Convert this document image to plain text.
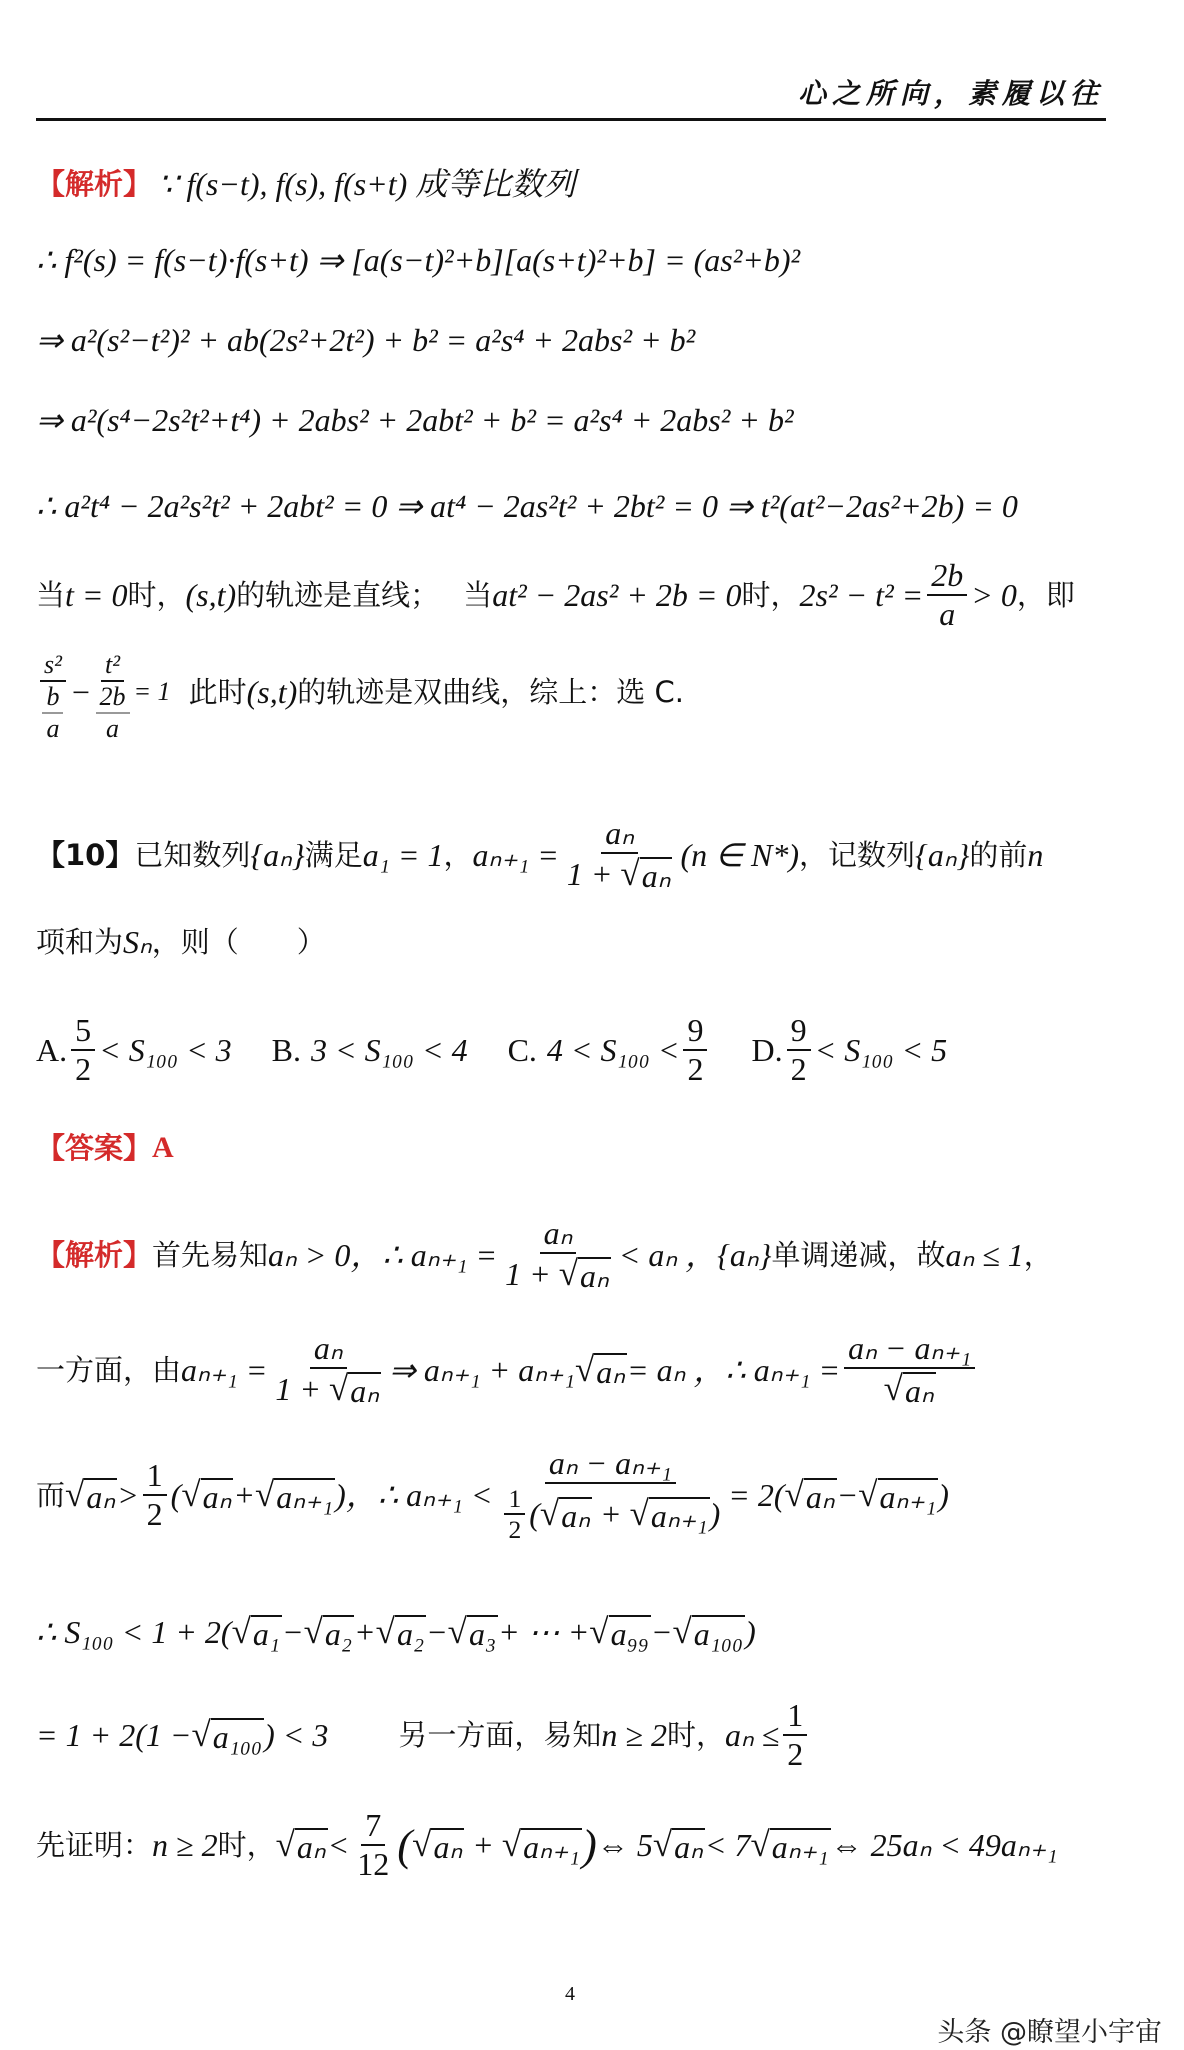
心之所向，素履以往
【解析】 ∵ f(s−t), f(s), f(s+t) 成等比数列
∴ f²(s) = f(s−t)·f(s+t) ⇒ [a(s−t)²+b][a(s+t)²+b] = (as²+b)²
⇒ a²(s²−t²)² + ab(2s²+2t²) + b² = a²s⁴ + 2abs² + b²
⇒ a²(s⁴−2s²t²+t⁴) + 2abs² + 2abt² + b² = a²s⁴ + 2abs² + b²
∴ a²t⁴ − 2a²s²t² + 2abt² = 0 ⇒ at⁴ − 2as²t² + 2bt² = 0 ⇒ t²(at²−2as²+2b) = 0
当 t = 0 时， (s,t) 的轨迹是直线； 当 at² − 2as² + 2b = 0 时， $2s^2 - t^2 = \frac{2b}{a} > 0$ ，即
s²
b
a
−
t²
2b
a
= 1 此时 (s,t) 的轨迹是双曲线，综上：选 C.
【10】 已知数列 {aₙ} 满足 a₁ = 1 ， $a_{n+1} = \frac{\text{aₙ}}{\text{1 + √ aₙ}} (n$ ∈ N*) ，记数列 {aₙ} 的前 n
项和为 Sₙ ，则（　　）
A. $\frac{5}{2} < S_{100} < 3$ B. 3 < S₁₀₀ < 4 C. $4 < S_{100} < \frac{9}{2} D$. $\frac{9}{2} < S_{100} < 5$
【答案】 A
【解析】 首先易知 aₙ > 0 ，∴ $a_{n+1} = \frac{\text{aₙ}}{\text{1 + √ aₙ}} < a_n$ ， {aₙ} 单调递减，故 aₙ ≤ 1 ，
一方面，由 $a_{n+1} = \frac{\text{aₙ}}{\text{1 + √ aₙ}}$ ⇒ aₙ₊₁ + aₙ₊₁ √ aₙ = aₙ ，∴ $a_{n+1} = \frac{\text{aₙ − aₙ₊₁}}{\text{√ aₙ}}$
而 √ $a_n > \frac{1}{2}$ ( √ aₙ + √ aₙ₊₁ )，∴ $a_{n+1} < \frac{\text{aₙ − aₙ₊₁}}{\frac{1}{2} ( √ a_n + √ a_{n+1} )} = 2$( √ aₙ − √ aₙ₊₁ )
∴ S₁₀₀ < 1 + 2( √ a₁ − √ a₂ + √ a₂ − √ a₃ + ⋯ + √ a₉₉ − √ a₁₀₀ )
= 1 + 2(1 − √ a₁₀₀ ) < 3 另一方面，易知 n ≥ 2 时， $a_n \le \frac{1}{2}$
先证明： n ≥ 2 时， √ $a_n < \frac{7}{12}$ ( √ aₙ + √ aₙ₊₁ ) ⇔ 5 √ aₙ < 7 √ aₙ₊₁ ⇔ 25aₙ < 49aₙ₊₁
4
头条 @瞭望小宇宙
